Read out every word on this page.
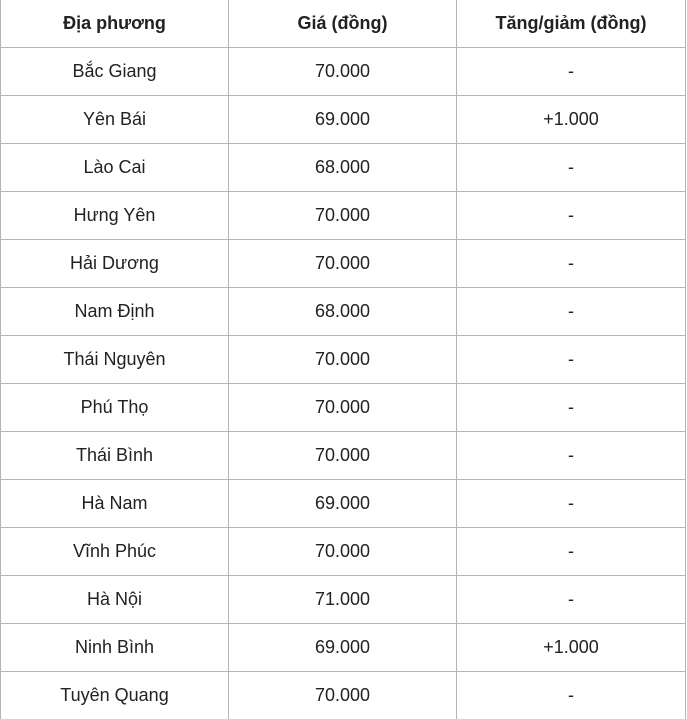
Địa phương	Giá (đồng)	Tăng/giảm (đồng)
Bắc Giang	70.000	-
Yên Bái	69.000	+1.000
Lào Cai	68.000	-
Hưng Yên	70.000	-
Hải Dương	70.000	-
Nam Định	68.000	-
Thái Nguyên	70.000	-
Phú Thọ	70.000	-
Thái Bình	70.000	-
Hà Nam	69.000	-
Vĩnh Phúc	70.000	-
Hà Nội	71.000	-
Ninh Bình	69.000	+1.000
Tuyên Quang	70.000	-
